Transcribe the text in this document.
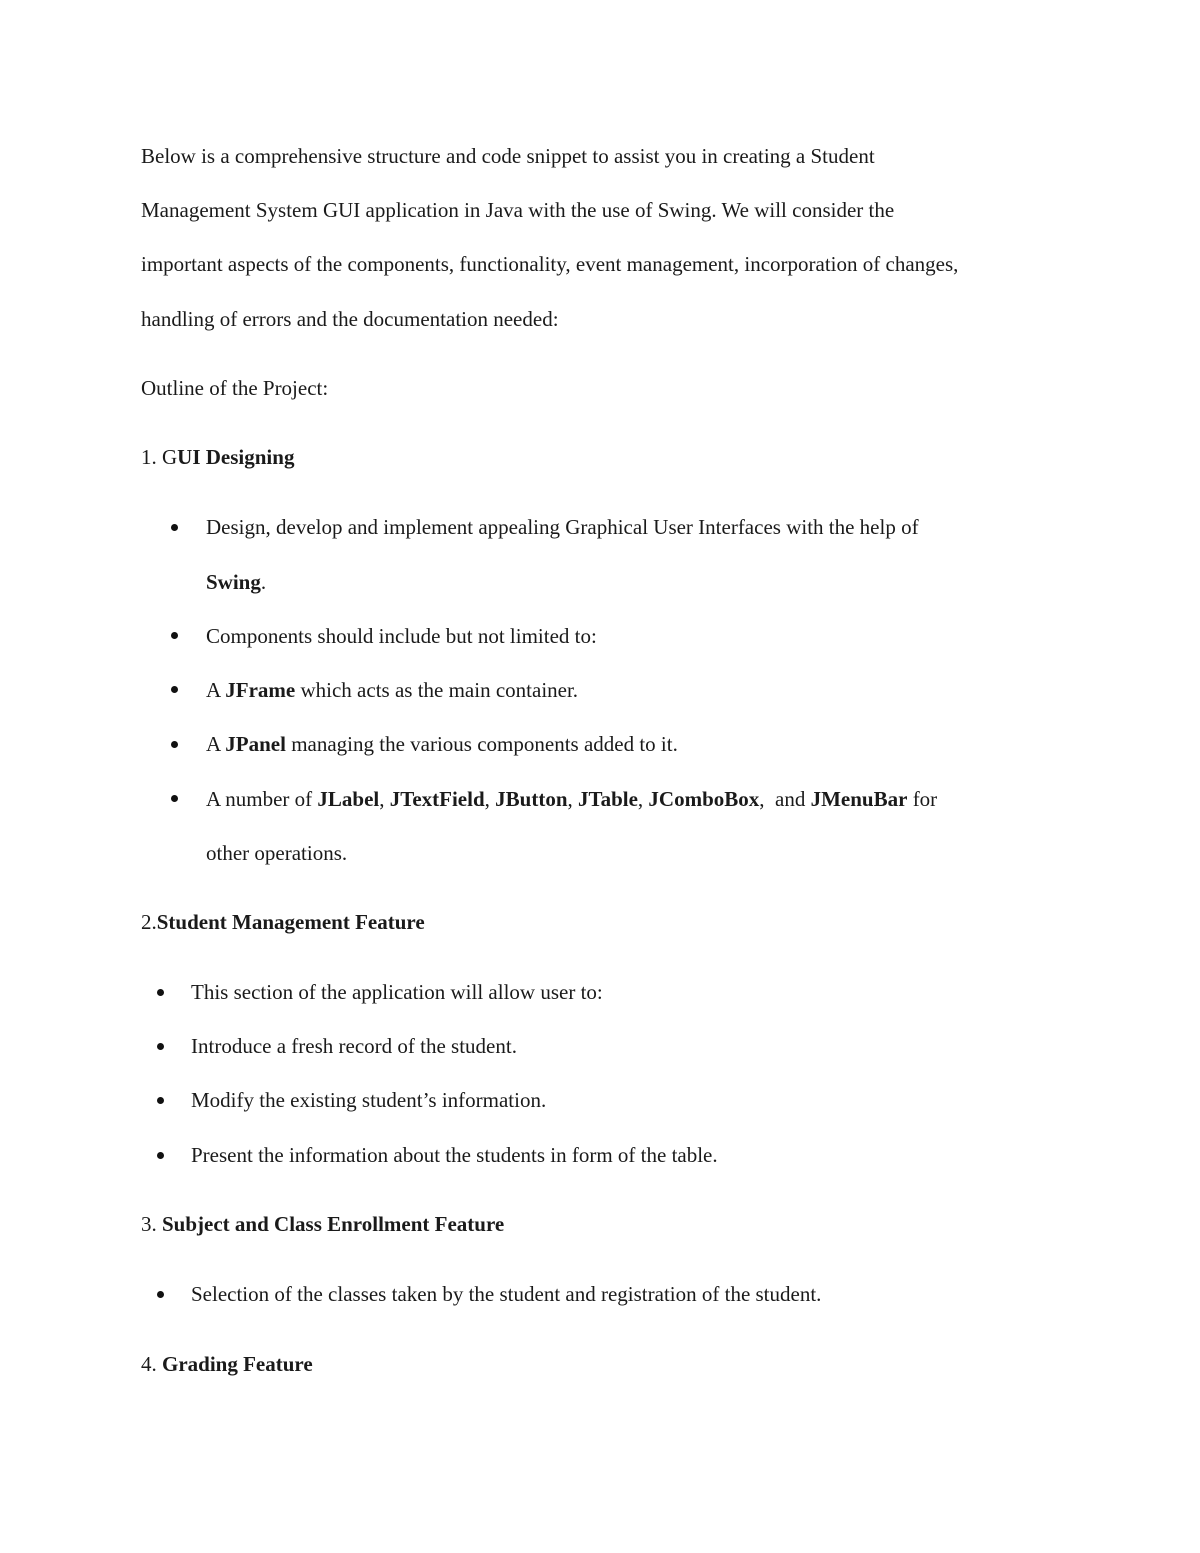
Below is a comprehensive structure and code snippet to assist you in creating a Student
Management System GUI application in Java with the use of Swing. We will consider the
important aspects of the components, functionality, event management, incorporation of changes,
handling of errors and the documentation needed:
Outline of the Project:
1. GUI Designing
Design, develop and implement appealing Graphical User Interfaces with the help of
Swing.
Components should include but not limited to:
A JFrame which acts as the main container.
A JPanel managing the various components added to it.
A number of JLabel, JTextField, JButton, JTable, JComboBox,  and JMenuBar for
other operations.
2.Student Management Feature
This section of the application will allow user to:
Introduce a fresh record of the student.
Modify the existing student’s information.
Present the information about the students in form of the table.
3. Subject and Class Enrollment Feature
Selection of the classes taken by the student and registration of the student.
4. Grading Feature
